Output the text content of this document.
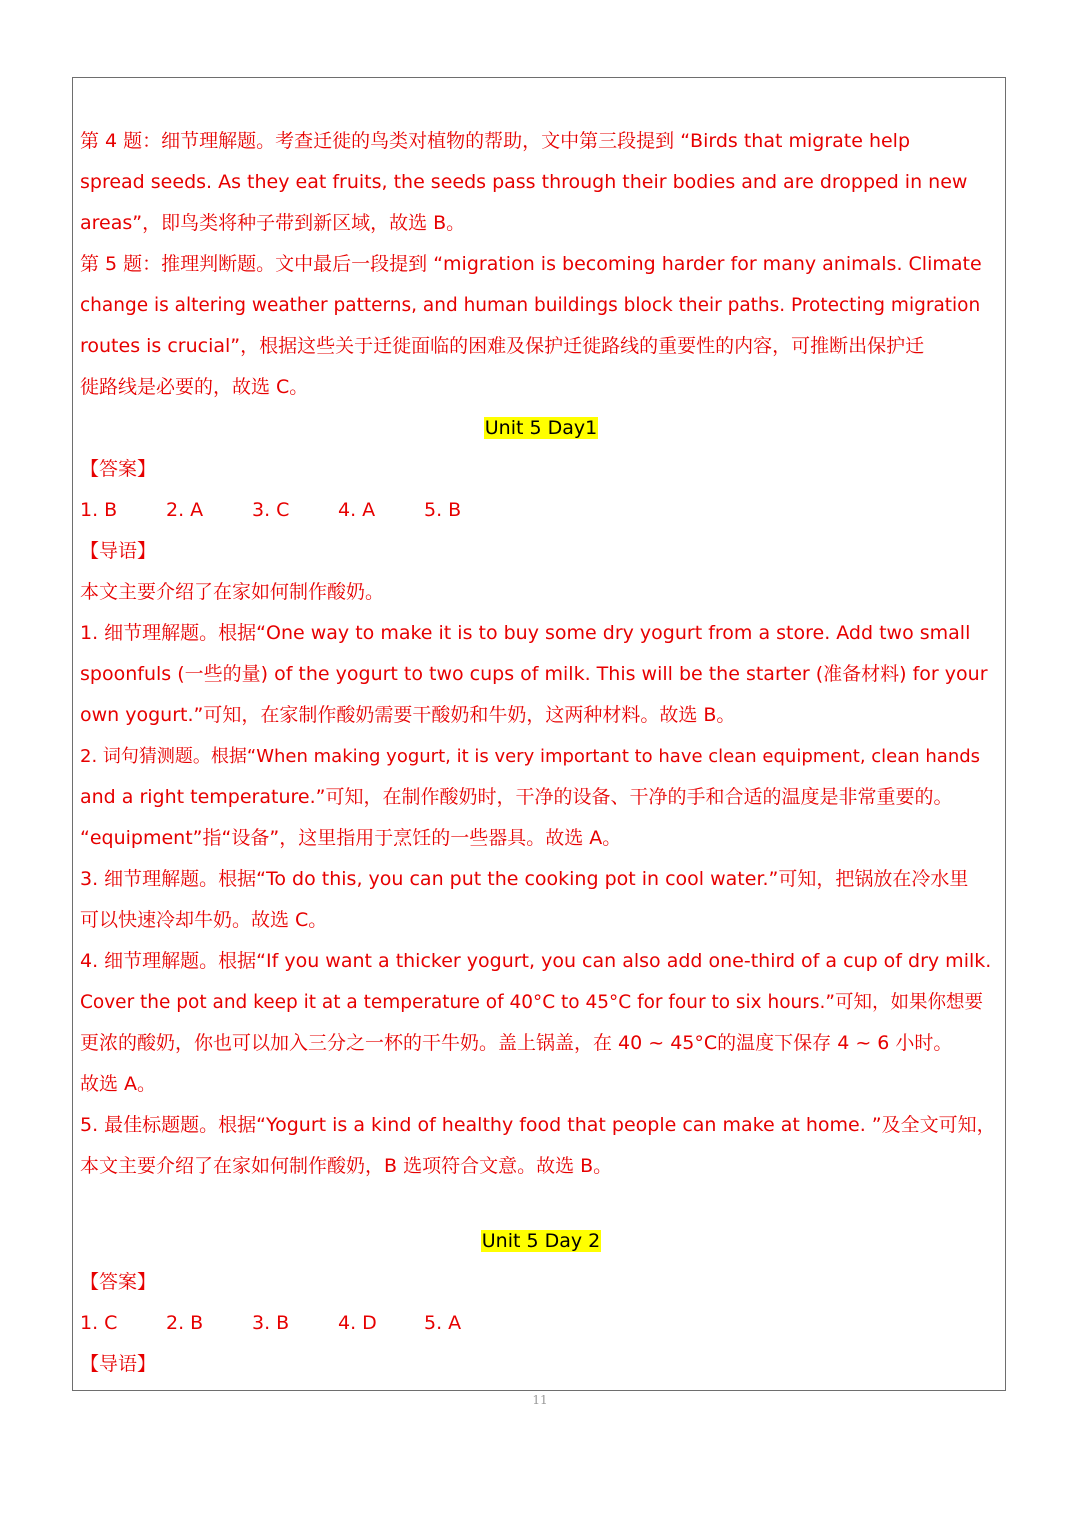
第 4 题：细节理解题。考查迁徙的鸟类对植物的帮助，文中第三段提到 “Birds that migrate help
spread seeds. As they eat fruits, the seeds pass through their bodies and are dropped in new
areas”，即鸟类将种子带到新区域，故选 B。
第 5 题：推理判断题。文中最后一段提到 “migration is becoming harder for many animals. Climate
change is altering weather patterns, and human buildings block their paths. Protecting migration
routes is crucial”，根据这些关于迁徙面临的困难及保护迁徙路线的重要性的内容，可推断出保护迁
徙路线是必要的，故选 C。
Unit 5 Day1
【答案】
1. B	2. A	3. C	4. A	5. B
【导语】
本文主要介绍了在家如何制作酸奶。
1. 细节理解题。根据“One way to make it is to buy some dry yogurt from a store. Add two small
spoonfuls (一些的量) of the yogurt to two cups of milk. This will be the starter (准备材料) for your
own yogurt.”可知，在家制作酸奶需要干酸奶和牛奶，这两种材料。故选 B。
2. 词句猜测题。根据“When making yogurt, it is very important to have clean equipment, clean hands
and a right temperature.”可知，在制作酸奶时，干净的设备、干净的手和合适的温度是非常重要的。
“equipment”指“设备”，这里指用于烹饪的一些器具。故选 A。
3. 细节理解题。根据“To do this, you can put the cooking pot in cool water.”可知，把锅放在冷水里
可以快速冷却牛奶。故选 C。
4. 细节理解题。根据“If you want a thicker yogurt, you can also add one-third of a cup of dry milk.
Cover the pot and keep it at a temperature of 40°C to 45°C for four to six hours.”可知，如果你想要
更浓的酸奶，你也可以加入三分之一杯的干牛奶。盖上锅盖，在 40 ~ 45°C的温度下保存 4 ~ 6 小时。
故选 A。
5. 最佳标题题。根据“Yogurt is a kind of healthy food that people can make at home. ”及全文可知，
本文主要介绍了在家如何制作酸奶，B 选项符合文意。故选 B。
Unit 5 Day 2
【答案】
1. C	2. B	3. B	4. D 5. A
【导语】
11
